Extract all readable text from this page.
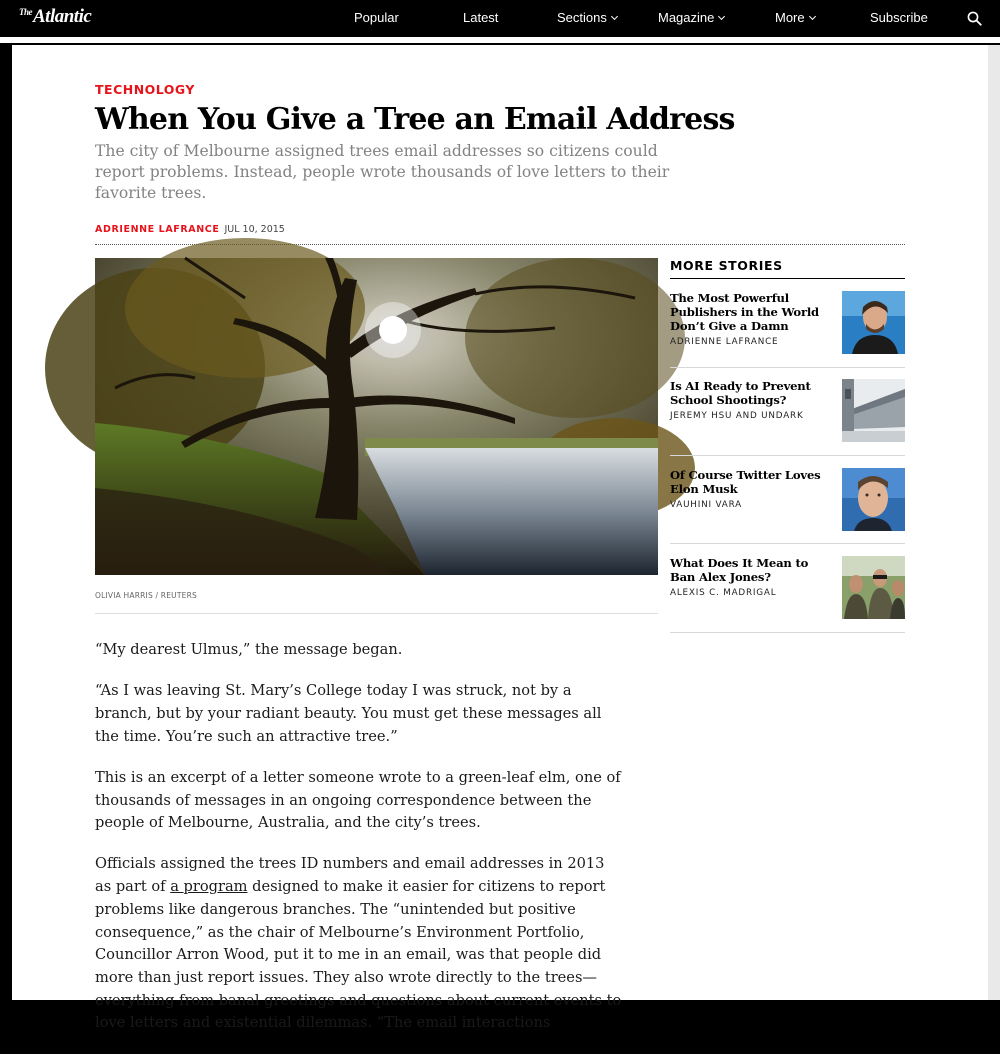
$^{The}$Atlantic	Popular	Latest	Sections	Magazine	More	Subscribe
TECHNOLOGY
When You Give a Tree an Email Address

The city of Melbourne assigned trees email addresses so citizens could report problems. Instead, people wrote thousands of love letters to their favorite trees.

ADRIENNE LAFRANCE JUL 10, 2015
OLIVIA HARRIS / REUTERS

“My dearest Ulmus,” the message began.

“As I was leaving St. Mary’s College today I was struck, not by a branch, but by your radiant beauty. You must get these messages all the time. You’re such an attractive tree.”

This is an excerpt of a letter someone wrote to a green-leaf elm, one of thousands of messages in an ongoing correspondence between the people of Melbourne, Australia, and the city’s trees.

Officials assigned the trees ID numbers and email addresses in 2013 as part of a program designed to make it easier for citizens to report problems like dangerous branches. The “unintended but positive consequence,” as the chair of Melbourne’s Environment Portfolio, Councillor Arron Wood, put it to me in an email, was that people did more than just report issues. They also wrote directly to the trees—everything from banal greetings and questions about current events to love letters and existential dilemmas. “The email interactions

MORE STORIES
The Most Powerful Publishers in the World Don’t Give a Damn
ADRIENNE LAFRANCE
Is AI Ready to Prevent School Shootings?
JEREMY HSU AND UNDARK
Of Course Twitter Loves Elon Musk
VAUHINI VARA
What Does It Mean to Ban Alex Jones?
ALEXIS C. MADRIGAL
